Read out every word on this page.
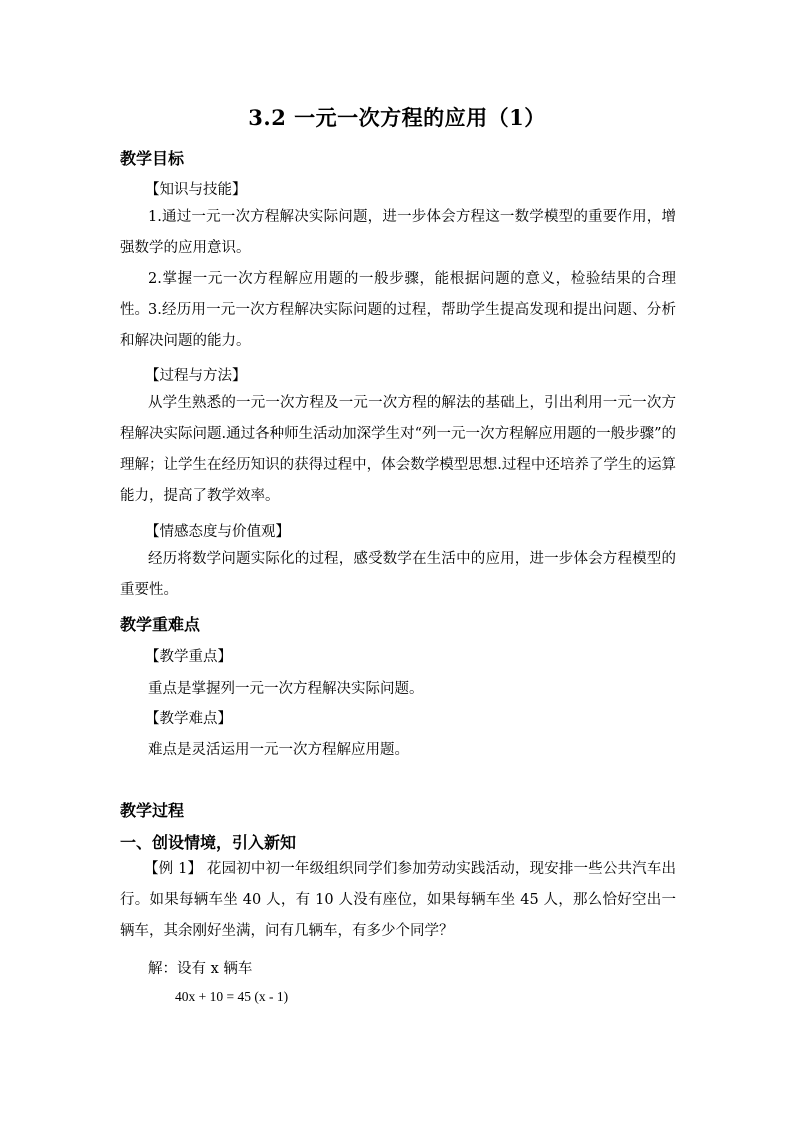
3.2 一元一次方程的应用（1）
教学目标
【知识与技能】
1.通过一元一次方程解决实际问题，进一步体会方程这一数学模型的重要作用，增强数学的应用意识。
2.掌握一元一次方程解应用题的一般步骤，能根据问题的意义，检验结果的合理性。 3.经历用一元一次方程解决实际问题的过程，帮助学生提高发现和提出问题、分析和解决问题的能力。
【过程与方法】
从学生熟悉的一元一次方程及一元一次方程的解法的基础上，引出利用一元一次方程解决实际问题.通过各种师生活动加深学生对“列一元一次方程解应用题的一般步骤”的理解；让学生在经历知识的获得过程中，体会数学模型思想.过程中还培养了学生的运算能力，提高了教学效率。
【情感态度与价值观】
经历将数学问题实际化的过程，感受数学在生活中的应用，进一步体会方程模型的重要性。
教学重难点
【教学重点】
重点是掌握列一元一次方程解决实际问题。
【教学难点】
难点是灵活运用一元一次方程解应用题。
教学过程
一、创设情境，引入新知
【例 1】 花园初中初一年级组织同学们参加劳动实践活动，现安排一些公共汽车出行。如果每辆车坐 40 人，有 10 人没有座位，如果每辆车坐 45 人，那么恰好空出一辆车，其余刚好坐满，问有几辆车，有多少个同学？
解：设有 x 辆车
40x + 10 = 45 (x - 1)
